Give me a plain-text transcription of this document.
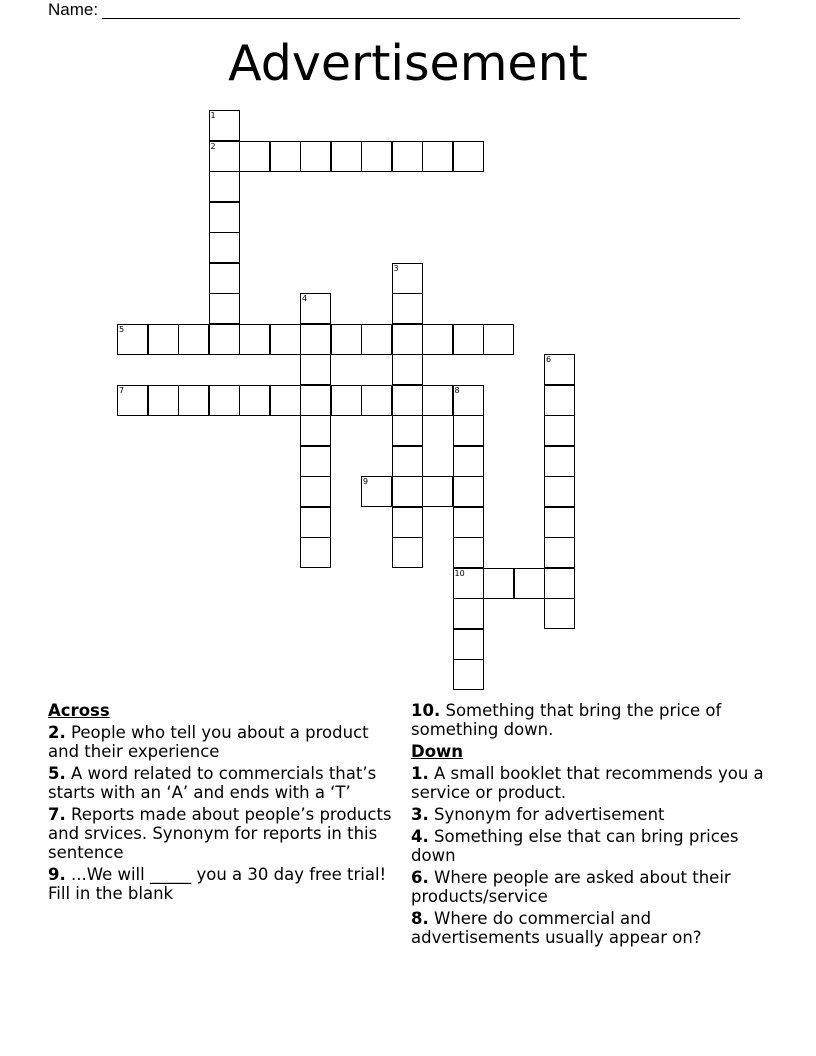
Name:
Advertisement
1
2
3
4
5
6
7	8
10
9
Across
2. People who tell you about a product and their experience
5. A word related to commercials that’s starts with an ‘A’ and ends with a ‘T’
7. Reports made about people’s products and srvices. Synonym for reports in this sentence
9. ...We will _____ you a 30 day free trial! Fill in the blank
10. Something that bring the price of something down.
Down
1. A small booklet that recommends you a service or product.
3. Synonym for advertisement
4. Something else that can bring prices down
6. Where people are asked about their products/service
8. Where do commercial and advertisements usually appear on?
